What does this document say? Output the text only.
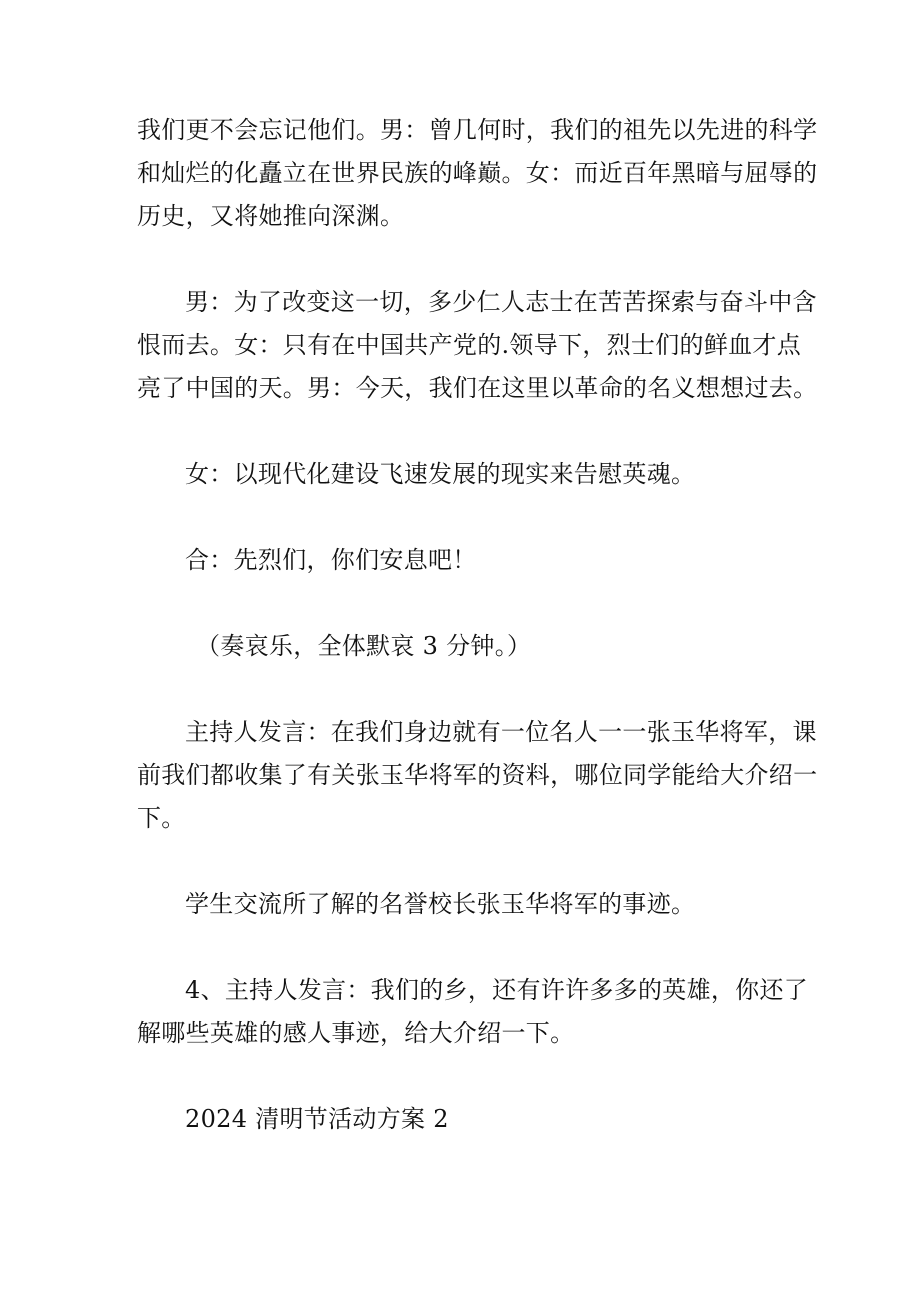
我们更不会忘记他们。男：曾几何时，我们的祖先以先进的科学
和灿烂的化矗立在世界民族的峰巅。女：而近百年黑暗与屈辱的
历史，又将她推向深渊。
男：为了改变这一切，多少仁人志士在苦苦探索与奋斗中含
恨而去。女：只有在中国共产党的.领导下，烈士们的鲜血才点
亮了中国的天。男：今天，我们在这里以革命的名义想想过去。
女：以现代化建设飞速发展的现实来告慰英魂。
合：先烈们，你们安息吧！
（奏哀乐，全体默哀 3 分钟。）
主持人发言：在我们身边就有一位名人一一张玉华将军，课
前我们都收集了有关张玉华将军的资料，哪位同学能给大介绍一
下。
学生交流所了解的名誉校长张玉华将军的事迹。
4、主持人发言：我们的乡，还有许许多多的英雄，你还了
解哪些英雄的感人事迹，给大介绍一下。
2024 清明节活动方案 2
